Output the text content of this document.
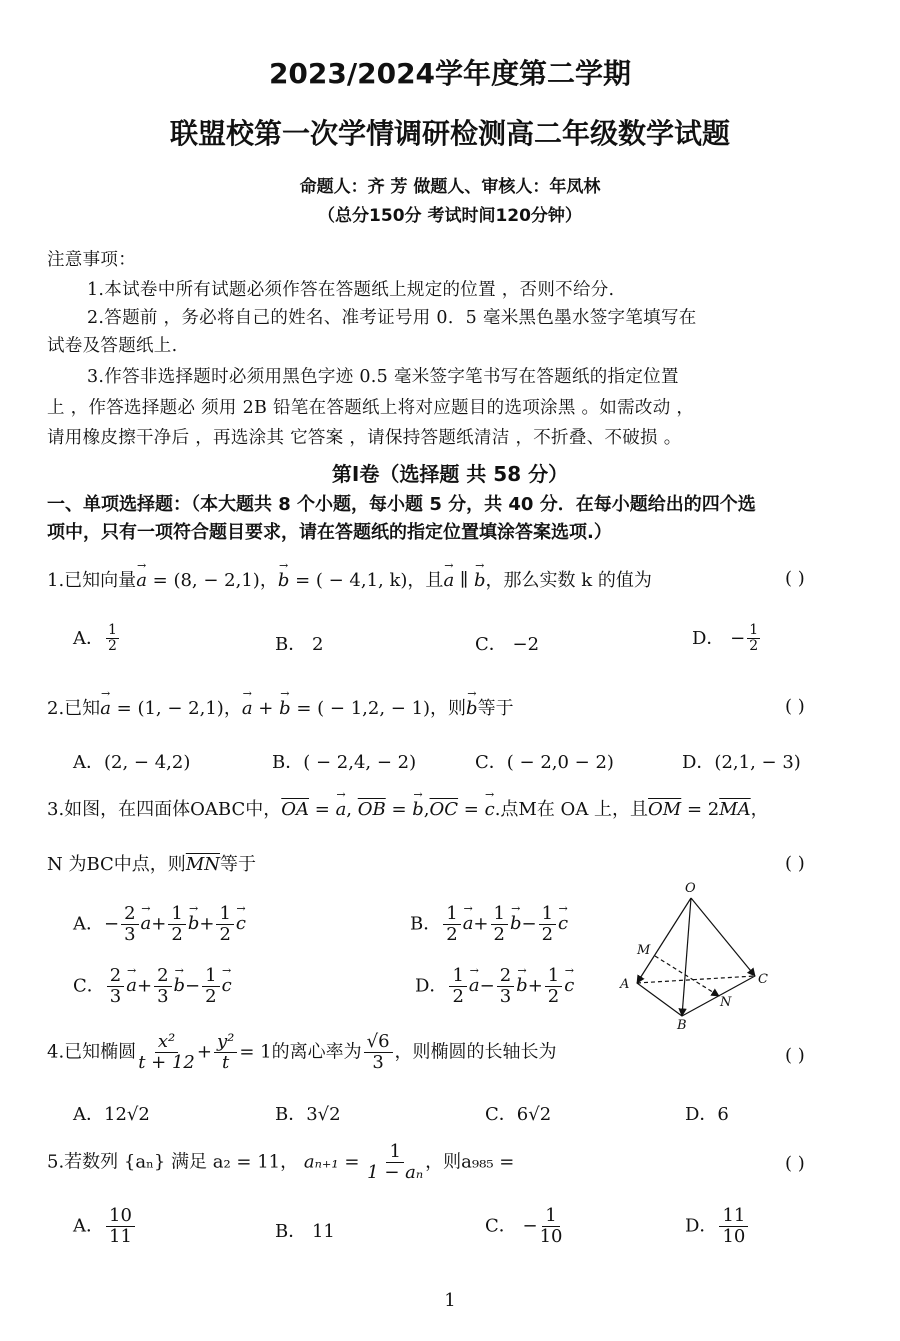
2023/2024学年度第二学期
联盟校第一次学情调研检测高二年级数学试题
命题人：齐 芳 做题人、审核人：年凤林
（总分150分 考试时间120分钟）
注意事项：
1.本试卷中所有试题必须作答在答题纸上规定的位置 ，否则不给分.
2.答题前 ，务必将自己的姓名、准考证号用 0．5 毫米黑色墨水签字笔填写在
试卷及答题纸上.
3.作答非选择题时必须用黑色字迹 0.5 毫米签字笔书写在答题纸的指定位置
上 ，作答选择题必 须用 2B 铅笔在答题纸上将对应题目的选项涂黑 。如需改动 ，
请用橡皮擦干净后 ，再选涂其 它答案 ，请保持答题纸清洁 ，不折叠、不破损 。
第Ⅰ卷（选择题 共 58 分）
一、单项选择题：（本大题共 8 个小题，每小题 5 分，共 40 分．在每小题给出的四个选
项中，只有一项符合题目要求，请在答题纸的指定位置填涂答案选项.）
1.已知向量→ a = (8, − 2,1)，→ b = ( − 4,1, k)，且→ a ∥ → b，那么实数 k 的值为	( )
A． $\frac{1}{2}$	B． 2	C． −2	D． − $\frac{1}{2}$
2.已知→ a = (1, − 2,1)，→ a + → b = ( − 1,2, − 1)，则→ b等于	( )
A．(2, − 4,2)	B．( − 2,4, − 2)	C．( − 2,0 − 2)	D．(2,1, − 3)
3.如图，在四面体OABC中，$\overline{OA}$ = → a, $\overline{OB}$ = → $b,\overline{OC}$ = → c.点M在 OA 上，且$\overline{OM} = 2\overline{MA}$，
N 为BC中点，则$\overline{MN}$等于	( )
A．− $\frac{2}{3} \to a+ \frac{1}{2} \to b+ \frac{1}{2} \to c$	B． $\frac{1}{2} \to a+ \frac{1}{2} \to b- \frac{1}{2} \to c$
C． $\frac{2}{3} \to a+ \frac{2}{3} \to b- \frac{1}{2} \to c$	D． $\frac{1}{2} \to a- \frac{2}{3} \to b+ \frac{1}{2} \to c$
O
M
A
B
C
N
4.已知椭圆 $\frac{\text{x²}}{t + 12} + \frac{\text{y²}}{t} = 1$的离心率为 $\frac{√6}{3}$ ，则椭圆的长轴长为	( )
A．12√2	B．3√2	C．6√2	D．6
5.若数列 {aₙ} 满足 a₂ = 11， $a_{n+1} = \frac{1}{\text{1 − aₙ}}$ ，则a₉₈₅ =	( )
A． $\frac{10}{11}$	B． 11	C． − $\frac{1}{10}$	D． $\frac{11}{10}$
1
